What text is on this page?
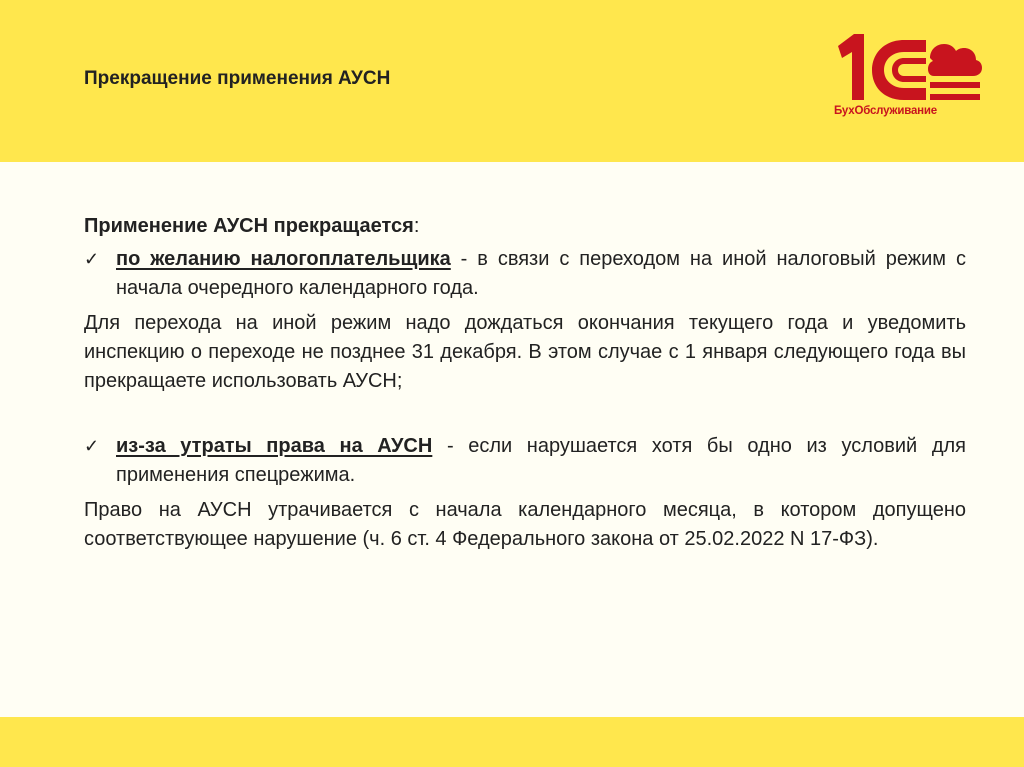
Прекращение применения АУСН
БухОбслуживание

Применение АУСН прекращается:

✓ по желанию налогоплательщика - в связи с переходом на иной налоговый режим с начала очередного календарного года.

Для перехода на иной режим надо дождаться окончания текущего года и уведомить инспекцию о переходе не позднее 31 декабря. В этом случае с 1 января следующего года вы прекращаете использовать АУСН;

✓ из-за утраты права на АУСН - если нарушается хотя бы одно из условий для применения спецрежима.

Право на АУСН утрачивается с начала календарного месяца, в котором допущено соответствующее нарушение (ч. 6 ст. 4 Федерального закона от 25.02.2022 N 17-ФЗ).
